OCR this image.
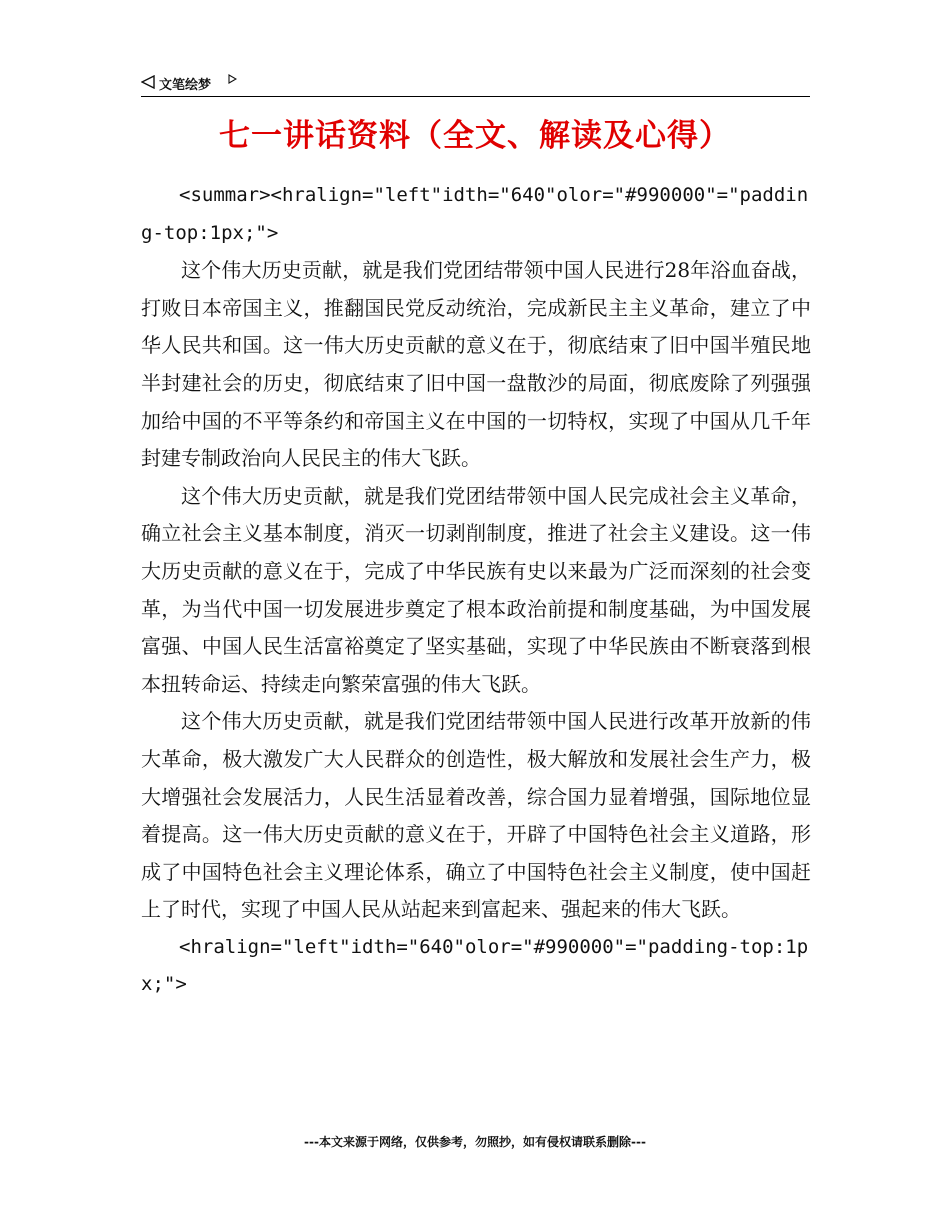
文笔绘梦
七一讲话资料（全文、解读及心得）

<summar><hralign="left"idth="640"olor="#990000"="padding-top:1px;">

这个伟大历史贡献，就是我们党团结带领中国人民进行28年浴血奋战，打败日本帝国主义，推翻国民党反动统治，完成新民主主义革命，建立了中华人民共和国。这一伟大历史贡献的意义在于，彻底结束了旧中国半殖民地半封建社会的历史，彻底结束了旧中国一盘散沙的局面，彻底废除了列强强加给中国的不平等条约和帝国主义在中国的一切特权，实现了中国从几千年封建专制政治向人民民主的伟大飞跃。

这个伟大历史贡献，就是我们党团结带领中国人民完成社会主义革命，确立社会主义基本制度，消灭一切剥削制度，推进了社会主义建设。这一伟大历史贡献的意义在于，完成了中华民族有史以来最为广泛而深刻的社会变革，为当代中国一切发展进步奠定了根本政治前提和制度基础，为中国发展富强、中国人民生活富裕奠定了坚实基础，实现了中华民族由不断衰落到根本扭转命运、持续走向繁荣富强的伟大飞跃。

这个伟大历史贡献，就是我们党团结带领中国人民进行改革开放新的伟大革命，极大激发广大人民群众的创造性，极大解放和发展社会生产力，极大增强社会发展活力，人民生活显着改善，综合国力显着增强，国际地位显着提高。这一伟大历史贡献的意义在于，开辟了中国特色社会主义道路，形成了中国特色社会主义理论体系，确立了中国特色社会主义制度，使中国赶上了时代，实现了中国人民从站起来到富起来、强起来的伟大飞跃。

<hralign="left"idth="640"olor="#990000"="padding-top:1px;">

---本文来源于网络，仅供参考，勿照抄，如有侵权请联系删除---
